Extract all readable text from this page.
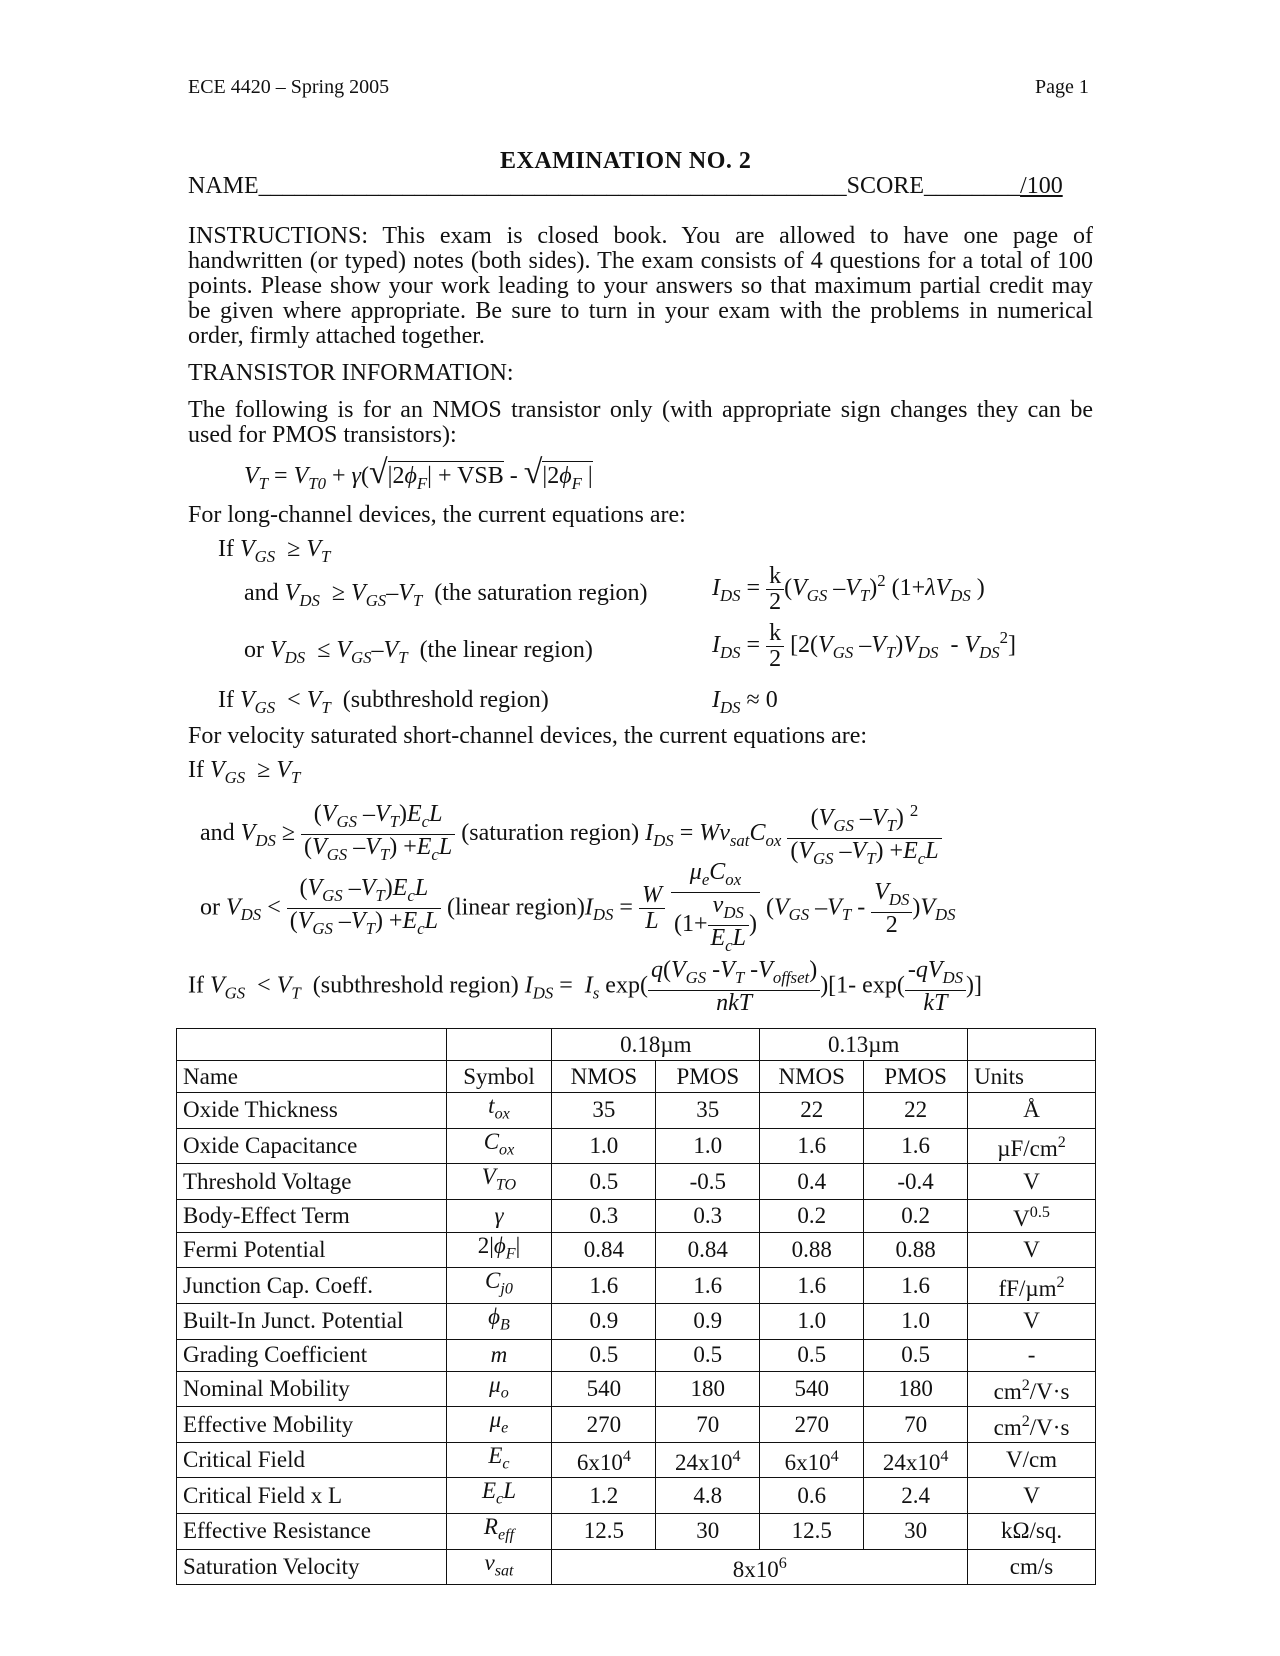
ECE 4420 – Spring 2005	Page 1
EXAMINATION NO. 2
NAME_________________________________________________SCORE________/100
INSTRUCTIONS: This exam is closed book. You are allowed to have one page of handwritten (or typed) notes (both sides). The exam consists of 4 questions for a total of 100 points. Please show your work leading to your answers so that maximum partial credit may be given where appropriate. Be sure to turn in your exam with the problems in numerical order, firmly attached together.
TRANSISTOR INFORMATION:
The following is for an NMOS transistor only (with appropriate sign changes they can be used for PMOS transistors):
$V_T = V_{T0} + \gamma(√|2\phi_F|$ + VSB - $√|2\phi_F$ |
For long-channel devices, the current equations are:
If $V_{GS} \ge V_T$
and $V_{DS} \ge V_{GS}-V_T$ (the saturation region)	$I_{DS} = \frac{k}{2} (V_{GS}$ $-V_T)^2$ ($1+\lambda V_{DS}$ )
or $V_{DS} \le V_{GS}-V_T$ (the linear region)	$I_{DS} = \frac{k}{2} [2(V_{GS}$ $-V_T)V_{DS} - V_{DS}^2$]
If $V_{GS} < V_T$ (subthreshold region)	$I_{DS} \approx 0$
For velocity saturated short-channel devices, the current equations are:
If $V_{GS} \ge V_T$
and $V_{DS} \ge \frac{(V_{GS} -V_T)E_cL}{(V_{GS} -V_T) +E_cL}$ (saturation region) $I_{DS} = Wv_{sat}C_{ox} \frac{(V_{GS} -V_T) ^2}{(V_{GS} -V_T) +E_cL}$
or $V_{DS} < \frac{(V_{GS} -V_T)E_cL}{(V_{GS} -V_T) +E_cL}$ (linear $region)I_{DS} = \frac{W}{L}$
$\frac{\mu_eC_{ox}}{(1+ \frac{v_{DS}}{E_cL} )} (V_{GS}$ $-V_T - \frac{V_{DS}}{2} )V_{DS}$
If $V_{GS} < V_T$ (subthreshold region) $I_{DS} = I_s$ $\exp( \frac{q(V_{GS} -V_T -V_{offset})}{\text{nkT}} )[1-$ $\exp( \frac{-qV_{DS}}{kT}$ )]
		0.18µm		0.13µm		
Name	Symbol	NMOS	PMOS	NMOS	PMOS	Units
Oxide Thickness	$t_{ox}$	35	35	22	22	Å
Oxide Capacitance	$C_{ox}$	1.0	1.0	1.6	1.6	$\mu F/cm^2$
Threshold Voltage	$V_{TO}$	0.5	-0.5	0.4	-0.4	V
Body-Effect Term	γ	0.3	0.3	0.2	0.2	$V^{0.5}$
Fermi Potential	$2|\phi_F|$	0.84	0.84	0.88	0.88	V
Junction Cap. Coeff.	$C_{j0}$	1.6	1.6	1.6	1.6	fF/µm$^2$
Built-In Junct. Potential	$\phi_B$	0.9	0.9	1.0	1.0	V
Grading Coefficient	m	0.5	0.5	0.5	0.5	-
Nominal Mobility	$\mu_o$	540	180	540	180	$cm^2/V\cdot s$
Effective Mobility	$\mu_e$	270	70	270	70	$cm^2/V\cdot s$
Critical Field	$E_c$	$6x10^4$	$24x10^4$	$6x10^4$	$24x10^4$	V/cm
Critical Field x L	$E_cL$	1.2	4.8	0.6	2.4	V
Effective Resistance	$R_{eff}$	12.5	30	12.5	30	kΩ/sq.
Saturation Velocity	$v_{sat}$	$8x10^6$				cm/s
